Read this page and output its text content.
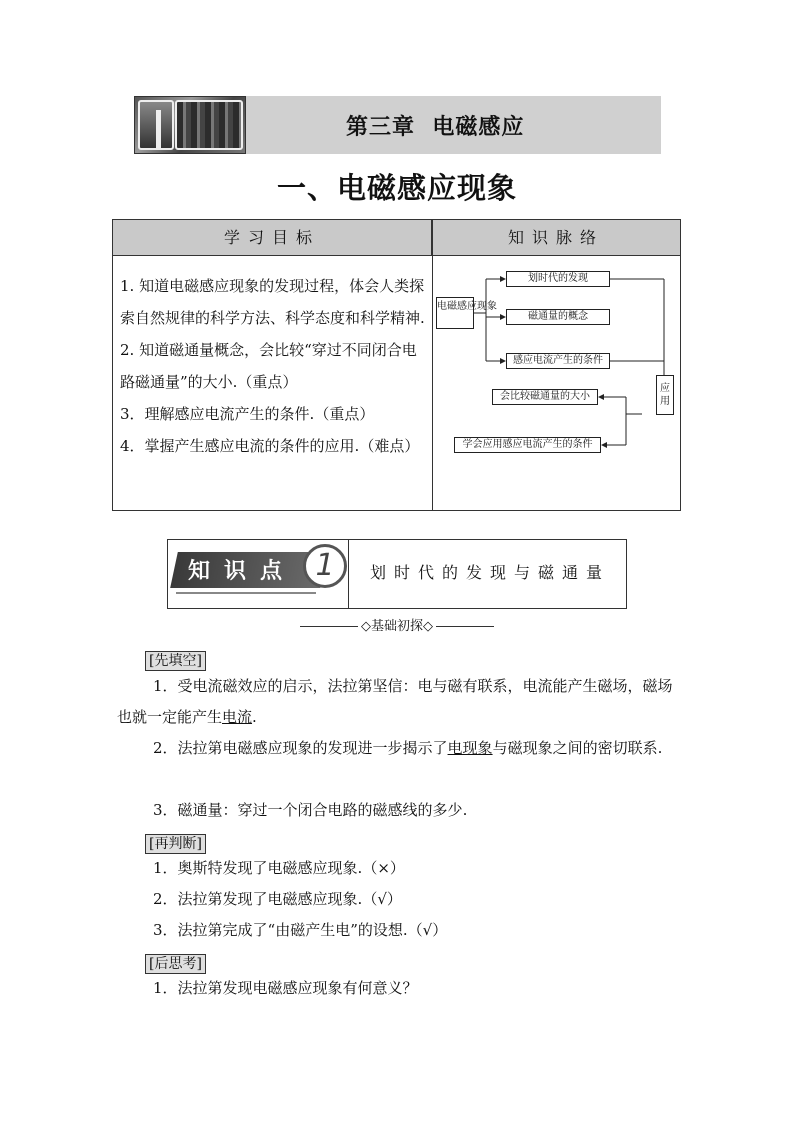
第三章 电磁感应
一、电磁感应现象
学习目标	知识脉络
1. 知道电磁感应现象的发现过程，体会人类探索自然规律的科学方法、科学态度和科学精神.
2. 知道磁通量概念，会比较“穿过不同闭合电路磁通量”的大小.（重点）
3．理解感应电流产生的条件.（重点）
4．掌握产生感应电流的条件的应用.（难点）
电磁感应现象
划时代的发现
磁通量的概念
感应电流产生的条件
应用
会比较磁通量的大小
学会应用感应电流产生的条件
知识点 1	划时代的发现与磁通量
◇基础初探◇
[先填空]
1．受电流磁效应的启示，法拉第坚信：电与磁有联系，电流能产生磁场，磁场也就一定能产生电流.
2．法拉第电磁感应现象的发现进一步揭示了电现象与磁现象之间的密切联系.
3．磁通量：穿过一个闭合电路的磁感线的多少.
[再判断]
1．奥斯特发现了电磁感应现象.（×）
2．法拉第发现了电磁感应现象.（√）
3．法拉第完成了“由磁产生电”的设想.（√）
[后思考]
1．法拉第发现电磁感应现象有何意义？
